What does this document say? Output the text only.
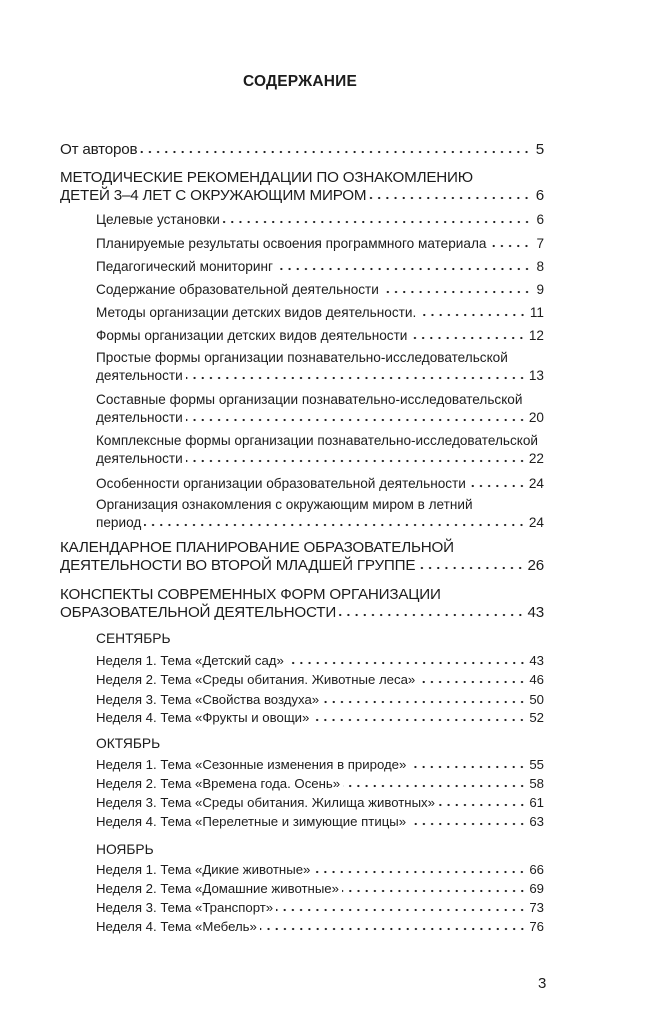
СОДЕРЖАНИЕ
От авторов	5
МЕТОДИЧЕСКИЕ РЕКОМЕНДАЦИИ ПО ОЗНАКОМЛЕНИЮ
ДЕТЕЙ 3–4 ЛЕТ С ОКРУЖАЮЩИМ МИРОМ	6
Целевые установки	6
Планируемые результаты освоения программного материала	7
Педагогический мониторинг	8
Содержание образовательной деятельности	9
Методы организации детских видов деятельности.	11
Формы организации детских видов деятельности	12
Простые формы организации познавательно-исследовательской
деятельности	13
Составные формы организации познавательно-исследовательской
деятельности	20
Комплексные формы организации познавательно-исследовательской
деятельности	22
Особенности организации образовательной деятельности	24
Организация ознакомления с окружающим миром в летний
период	24
КАЛЕНДАРНОЕ ПЛАНИРОВАНИЕ ОБРАЗОВАТЕЛЬНОЙ
ДЕЯТЕЛЬНОСТИ ВО ВТОРОЙ МЛАДШЕЙ ГРУППЕ	26
КОНСПЕКТЫ СОВРЕМЕННЫХ ФОРМ ОРГАНИЗАЦИИ
ОБРАЗОВАТЕЛЬНОЙ ДЕЯТЕЛЬНОСТИ	43
СЕНТЯБРЬ
Неделя 1. Тема «Детский сад»	43
Неделя 2. Тема «Среды обитания. Животные леса»	46
Неделя 3. Тема «Свойства воздуха»	50
Неделя 4. Тема «Фрукты и овощи»	52
ОКТЯБРЬ
Неделя 1. Тема «Сезонные изменения в природе»	55
Неделя 2. Тема «Времена года. Осень»	58
Неделя 3. Тема «Среды обитания. Жилища животных»	61
Неделя 4. Тема «Перелетные и зимующие птицы»	63
НОЯБРЬ
Неделя 1. Тема «Дикие животные»	66
Неделя 2. Тема «Домашние животные»	69
Неделя 3. Тема «Транспорт»	73
Неделя 4. Тема «Мебель»	76
3
